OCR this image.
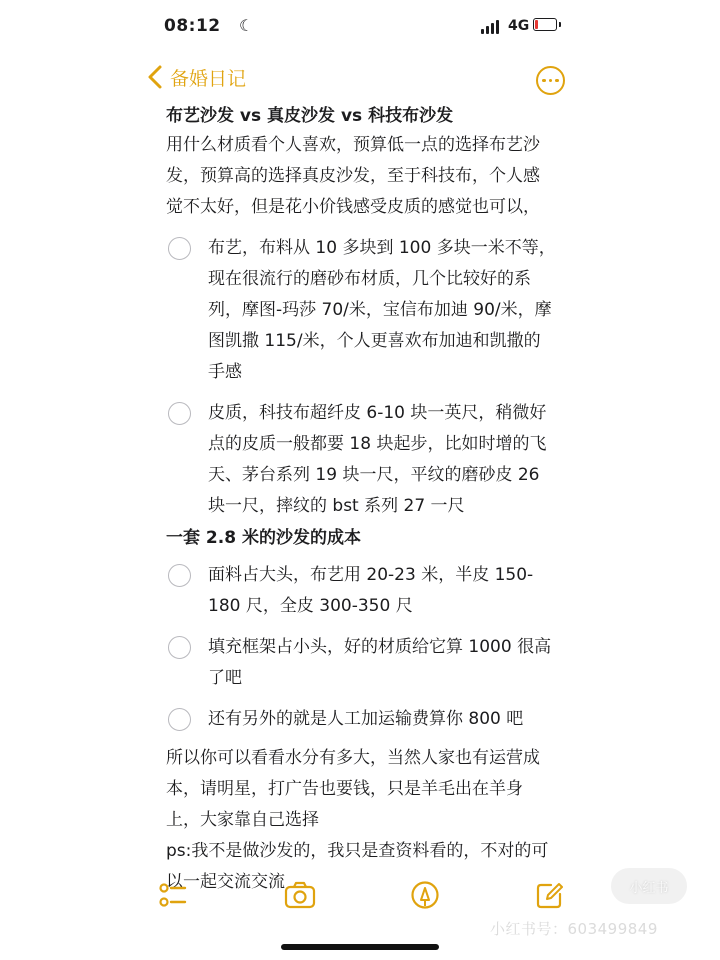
08:12 ☾	4G
备婚日记

布艺沙发 vs 真皮沙发 vs 科技布沙发

用什么材质看个人喜欢，预算低一点的选择布艺沙发，预算高的选择真皮沙发，至于科技布，个人感觉不太好，但是花小价钱感受皮质的感觉也可以，

布艺，布料从 10 多块到 100 多块一米不等，现在很流行的磨砂布材质，几个比较好的系列，摩图-玛莎 70/米，宝信布加迪 90/米，摩图凯撒 115/米，个人更喜欢布加迪和凯撒的手感
皮质，科技布超纤皮 6-10 块一英尺，稍微好点的皮质一般都要 18 块起步，比如时增的飞天、茅台系列 19 块一尺，平纹的磨砂皮 26 块一尺，摔纹的 bst 系列 27 一尺

一套 2.8 米的沙发的成本

面料占大头，布艺用 20-23 米，半皮 150-180 尺，全皮 300-350 尺
填充框架占小头，好的材质给它算 1000 很高了吧
还有另外的就是人工加运输费算你 800 吧

所以你可以看看水分有多大，当然人家也有运营成本，请明星，打广告也要钱，只是羊毛出在羊身上，大家靠自己选择

ps:我不是做沙发的，我只是查资料看的，不对的可以一起交流交流	小红书
小红书号：603499849
